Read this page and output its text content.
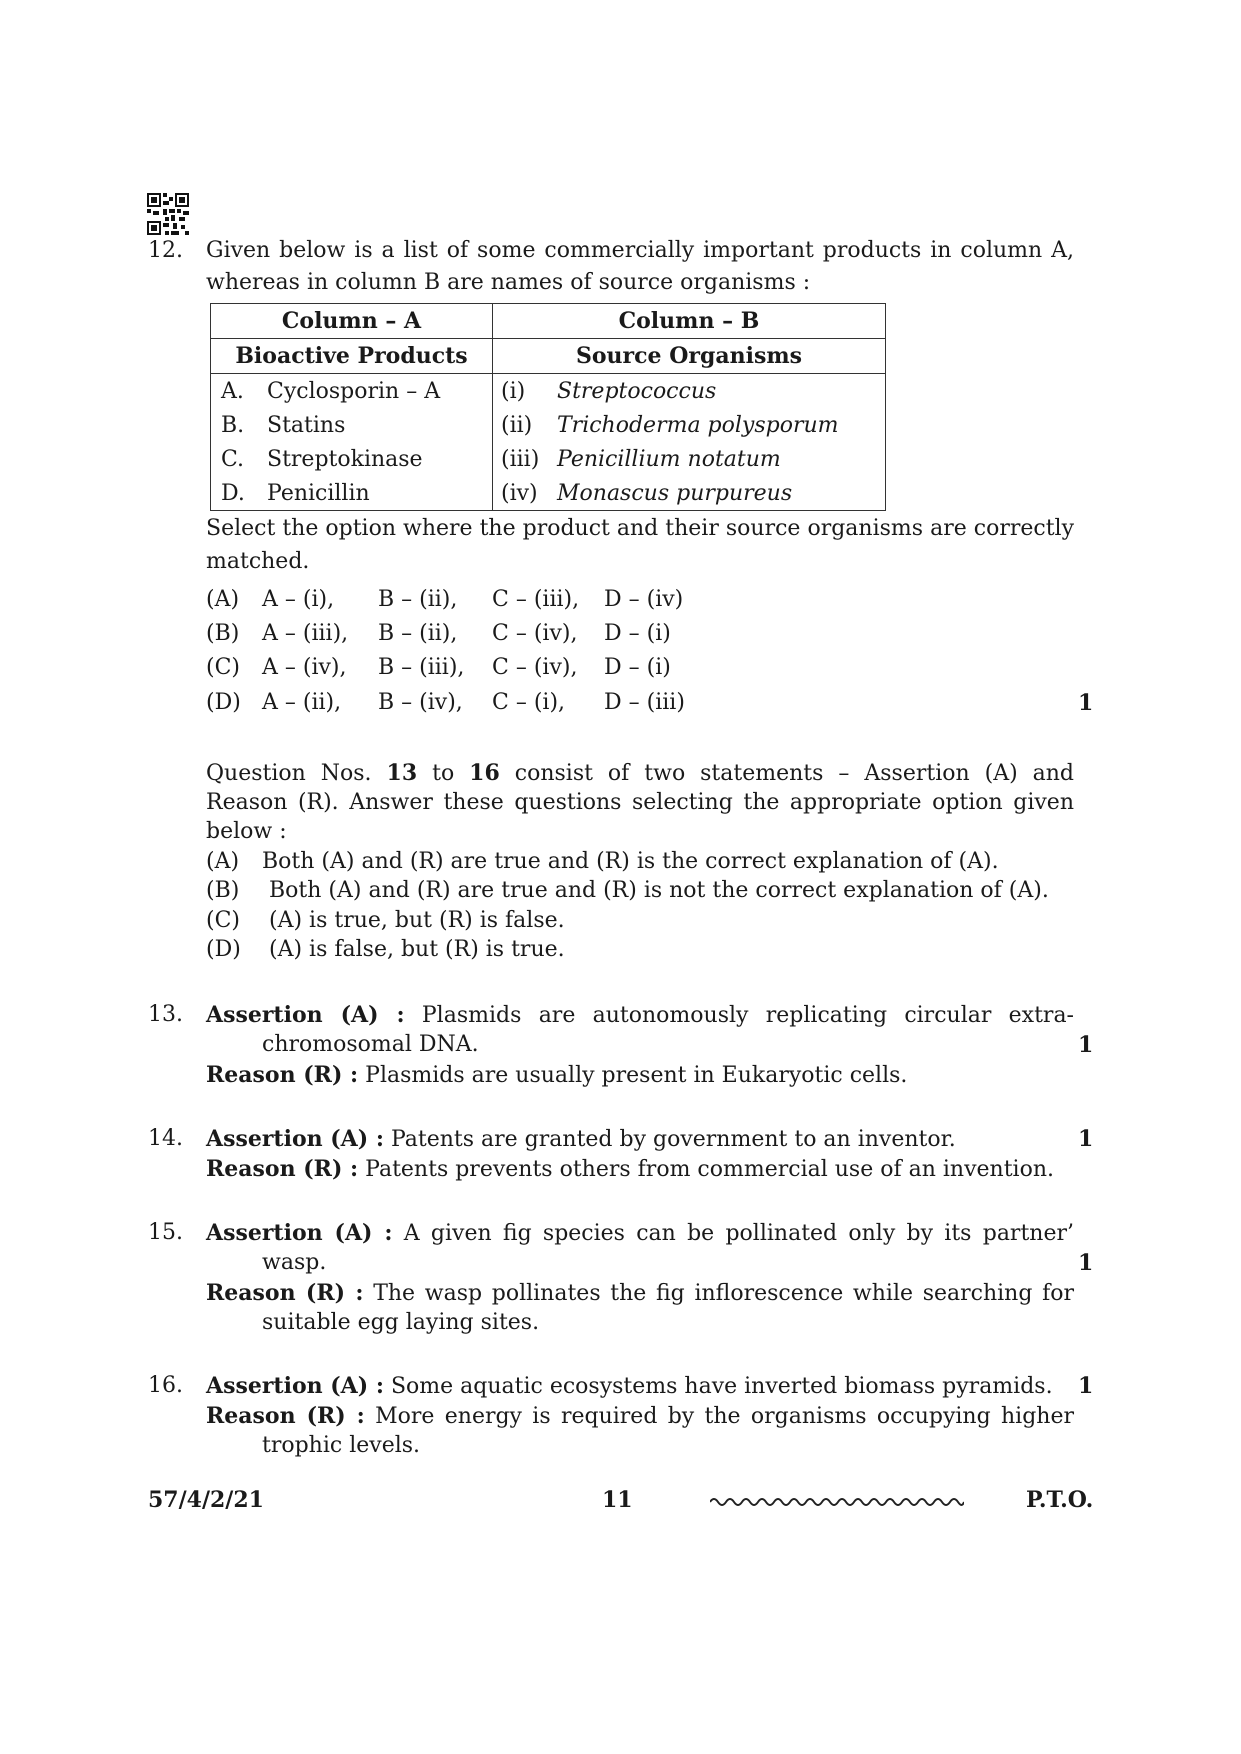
12. Given below is a list of some commercially important products in column A,
whereas in column B are names of source organisms :
Column – A	Column – B
Bioactive Products	Source Organisms
A. Cyclosporin – A	(i) Streptococcus
B. Statins	(ii) Trichoderma polysporum
C. Streptokinase	(iii) Penicillium notatum
D. Penicillin	(iv) Monascus purpureus
Select the option where the product and their source organisms are correctly
matched.
(A) A – (i), B – (ii), C – (iii), D – (iv)
(B) A – (iii), B – (ii), C – (iv), D – (i)
(C) A – (iv), B – (iii), C – (iv), D – (i)
(D) A – (ii), B – (iv), C – (i), D – (iii)	1
Question Nos. 13 to 16 consist of two statements – Assertion (A) and
Reason (R). Answer these questions selecting the appropriate option given
below :
(A) Both (A) and (R) are true and (R) is the correct explanation of (A).
(B) Both (A) and (R) are true and (R) is not the correct explanation of (A).
(C) (A) is true, but (R) is false.
(D) (A) is false, but (R) is true.
13. Assertion (A) : Plasmids are autonomously replicating circular extra-
chromosomal DNA.	1
Reason (R) : Plasmids are usually present in Eukaryotic cells.
14. Assertion (A) : Patents are granted by government to an inventor.	1
Reason (R) : Patents prevents others from commercial use of an invention.
15. Assertion (A) : A given fig species can be pollinated only by its partner’
wasp.	1
Reason (R) : The wasp pollinates the fig inflorescence while searching for
suitable egg laying sites.
16. Assertion (A) : Some aquatic ecosystems have inverted biomass pyramids. 1
Reason (R) : More energy is required by the organisms occupying higher
trophic levels.
57/4/2/21	11	P.T.O.
